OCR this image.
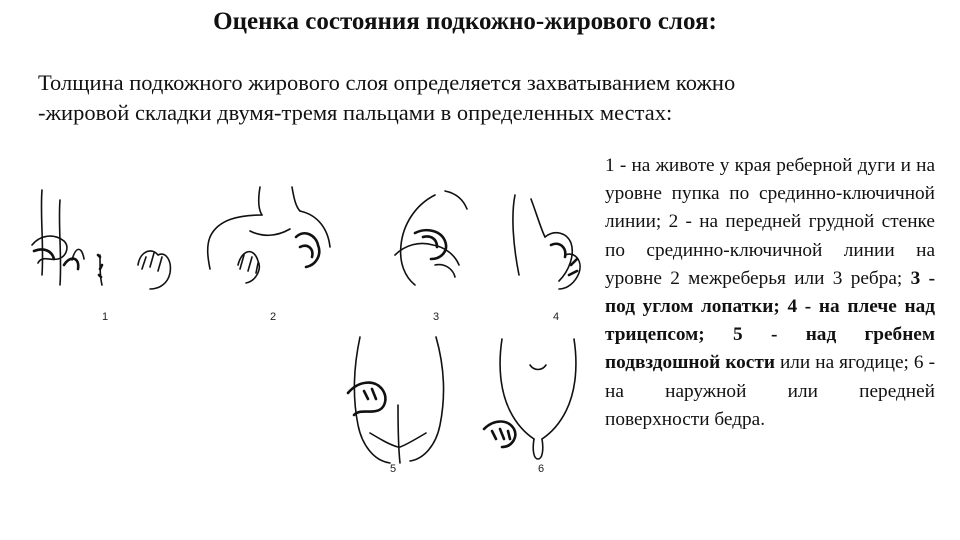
Оценка состояния подкожно-жирового слоя:
Толщина подкожного жирового слоя определяется захватыванием кожно
-жировой складки двумя-тремя пальцами в определенных местах:
1 - на животе у края реберной дуги и на уровне пупка по срединно-ключичной линии; 2 - на передней грудной стенке по срединно-ключичной линии на уровне 2 межреберья или 3 ребра; 3 - под углом лопатки; 4 - на плече над трицепсом; 5 - над гребнем подвздошной кости или на ягодице; 6 - на наружной или передней поверхности бедра.
1	2	3	4
5	6
